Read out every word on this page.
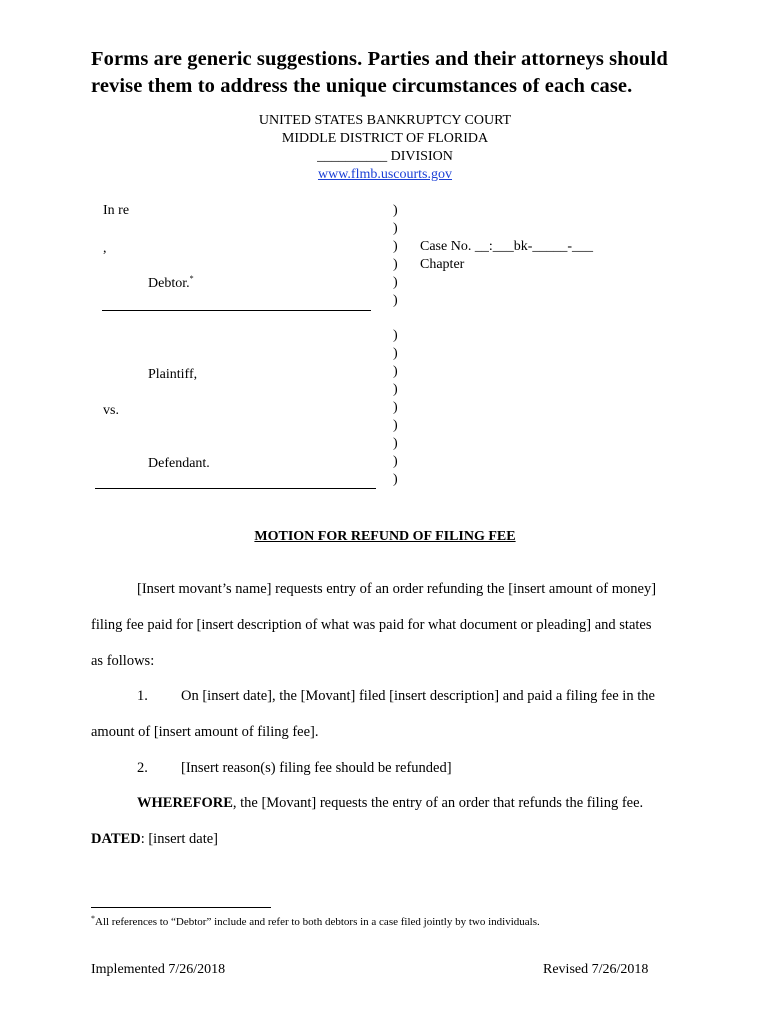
Forms are generic suggestions. Parties and their attorneys should revise them to address the unique circumstances of each case.
UNITED STATES BANKRUPTCY COURT
MIDDLE DISTRICT OF FLORIDA
__________ DIVISION
www.flmb.uscourts.gov
In re
,
Debtor.*
Plaintiff,
vs.
Defendant.
)
)
)
)
)
)
)
)
)
)
)
)
)
)
)
Case No. __:___bk-_____-___
Chapter
MOTION FOR REFUND OF FILING FEE
[Insert movant’s name] requests entry of an order refunding the [insert amount of money]
filing fee paid for [insert description of what was paid for what document or pleading] and states
as follows:
1. On [insert date], the [Movant] filed [insert description] and paid a filing fee in the
amount of [insert amount of filing fee].
2. [Insert reason(s) filing fee should be refunded]
WHEREFORE, the [Movant] requests the entry of an order that refunds the filing fee.
DATED: [insert date]
*All references to “Debtor” include and refer to both debtors in a case filed jointly by two individuals.
Implemented 7/26/2018	Revised 7/26/2018
